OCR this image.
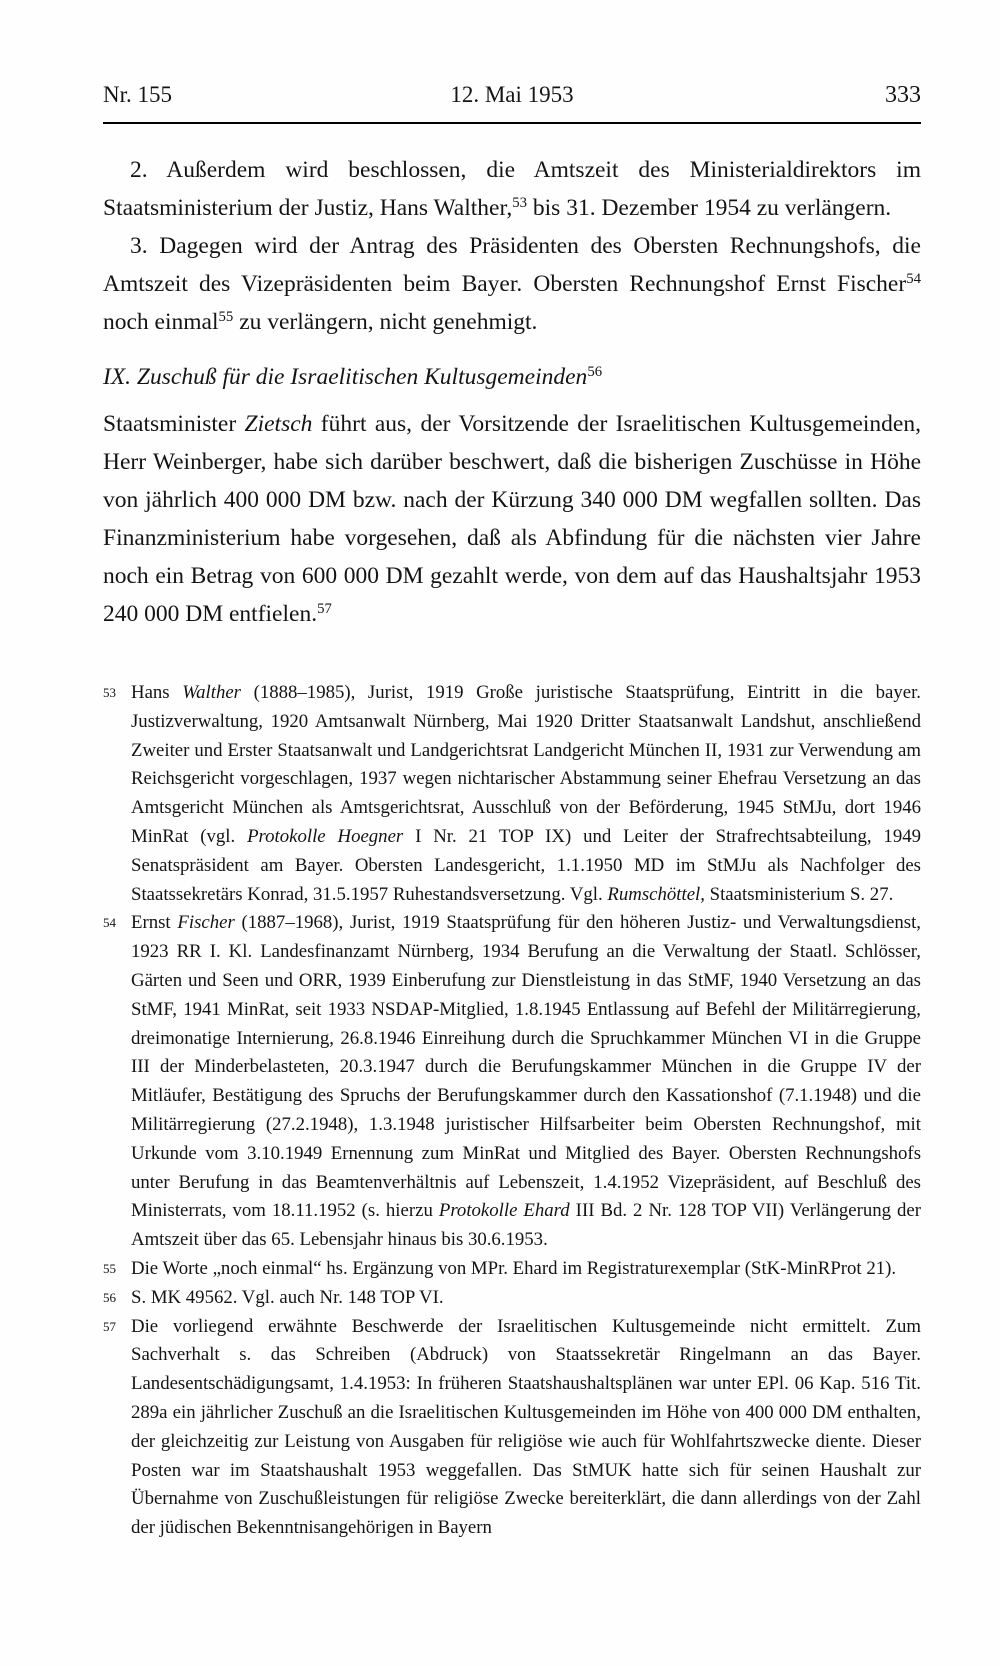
Nr. 155	12. Mai 1953	333

2. Außerdem wird beschlossen, die Amtszeit des Ministerialdirektors im Staatsministerium der Justiz, Hans Walther,$^{53}$ bis 31. Dezember 1954 zu verlängern.

3. Dagegen wird der Antrag des Präsidenten des Obersten Rechnungshofs, die Amtszeit des Vizepräsidenten beim Bayer. Obersten Rechnungshof Ernst Fischer$^{54}$ noch einmal$^{55}$ zu verlängern, nicht genehmigt.

IX. Zuschuß für die Israelitischen Kultusgemeinden$^{56}$

Staatsminister Zietsch führt aus, der Vorsitzende der Israelitischen Kultusgemeinden, Herr Weinberger, habe sich darüber beschwert, daß die bisherigen Zuschüsse in Höhe von jährlich 400 000 DM bzw. nach der Kürzung 340 000 DM wegfallen sollten. Das Finanzministerium habe vorgesehen, daß als Abfindung für die nächsten vier Jahre noch ein Betrag von 600 000 DM gezahlt werde, von dem auf das Haushaltsjahr 1953 240 000 DM entfielen.$^{57}$

53 Hans Walther (1888–1985), Jurist, 1919 Große juristische Staatsprüfung, Eintritt in die bayer. Justizverwaltung, 1920 Amtsanwalt Nürnberg, Mai 1920 Dritter Staatsanwalt Landshut, anschließend Zweiter und Erster Staatsanwalt und Landgerichtsrat Landgericht München II, 1931 zur Verwendung am Reichsgericht vorgeschlagen, 1937 wegen nichtarischer Abstammung seiner Ehefrau Versetzung an das Amtsgericht München als Amtsgerichtsrat, Ausschluß von der Beförderung, 1945 StMJu, dort 1946 MinRat (vgl. Protokolle Hoegner I Nr. 21 TOP IX) und Leiter der Strafrechtsabteilung, 1949 Senatspräsident am Bayer. Obersten Landesgericht, 1.1.1950 MD im StMJu als Nachfolger des Staatssekretärs Konrad, 31.5.1957 Ruhestandsversetzung. Vgl. Rumschöttel, Staatsministerium S. 27.
54 Ernst Fischer (1887–1968), Jurist, 1919 Staatsprüfung für den höheren Justiz- und Verwaltungsdienst, 1923 RR I. Kl. Landesfinanzamt Nürnberg, 1934 Berufung an die Verwaltung der Staatl. Schlösser, Gärten und Seen und ORR, 1939 Einberufung zur Dienstleistung in das StMF, 1940 Versetzung an das StMF, 1941 MinRat, seit 1933 NSDAP-Mitglied, 1.8.1945 Entlassung auf Befehl der Militärregierung, dreimonatige Internierung, 26.8.1946 Einreihung durch die Spruchkammer München VI in die Gruppe III der Minderbelasteten, 20.3.1947 durch die Berufungskammer München in die Gruppe IV der Mitläufer, Bestätigung des Spruchs der Berufungskammer durch den Kassationshof (7.1.1948) und die Militärregierung (27.2.1948), 1.3.1948 juristischer Hilfsarbeiter beim Obersten Rechnungshof, mit Urkunde vom 3.10.1949 Ernennung zum MinRat und Mitglied des Bayer. Obersten Rechnungshofs unter Berufung in das Beamtenverhältnis auf Lebenszeit, 1.4.1952 Vizepräsident, auf Beschluß des Ministerrats, vom 18.11.1952 (s. hierzu Protokolle Ehard III Bd. 2 Nr. 128 TOP VII) Verlängerung der Amtszeit über das 65. Lebensjahr hinaus bis 30.6.1953.
55 Die Worte „noch einmal“ hs. Ergänzung von MPr. Ehard im Registraturexemplar (StK-MinRProt 21).
56 S. MK 49562. Vgl. auch Nr. 148 TOP VI.
57 Die vorliegend erwähnte Beschwerde der Israelitischen Kultusgemeinde nicht ermittelt. Zum Sachverhalt s. das Schreiben (Abdruck) von Staatssekretär Ringelmann an das Bayer. Landesentschädigungsamt, 1.4.1953: In früheren Staatshaushaltsplänen war unter EPl. 06 Kap. 516 Tit. 289a ein jährlicher Zuschuß an die Israelitischen Kultusgemeinden im Höhe von 400 000 DM enthalten, der gleichzeitig zur Leistung von Ausgaben für religiöse wie auch für Wohlfahrtszwecke diente. Dieser Posten war im Staatshaushalt 1953 weggefallen. Das StMUK hatte sich für seinen Haushalt zur Übernahme von Zuschußleistungen für religiöse Zwecke bereiterklärt, die dann allerdings von der Zahl der jüdischen Bekenntnisangehörigen in Bayern
